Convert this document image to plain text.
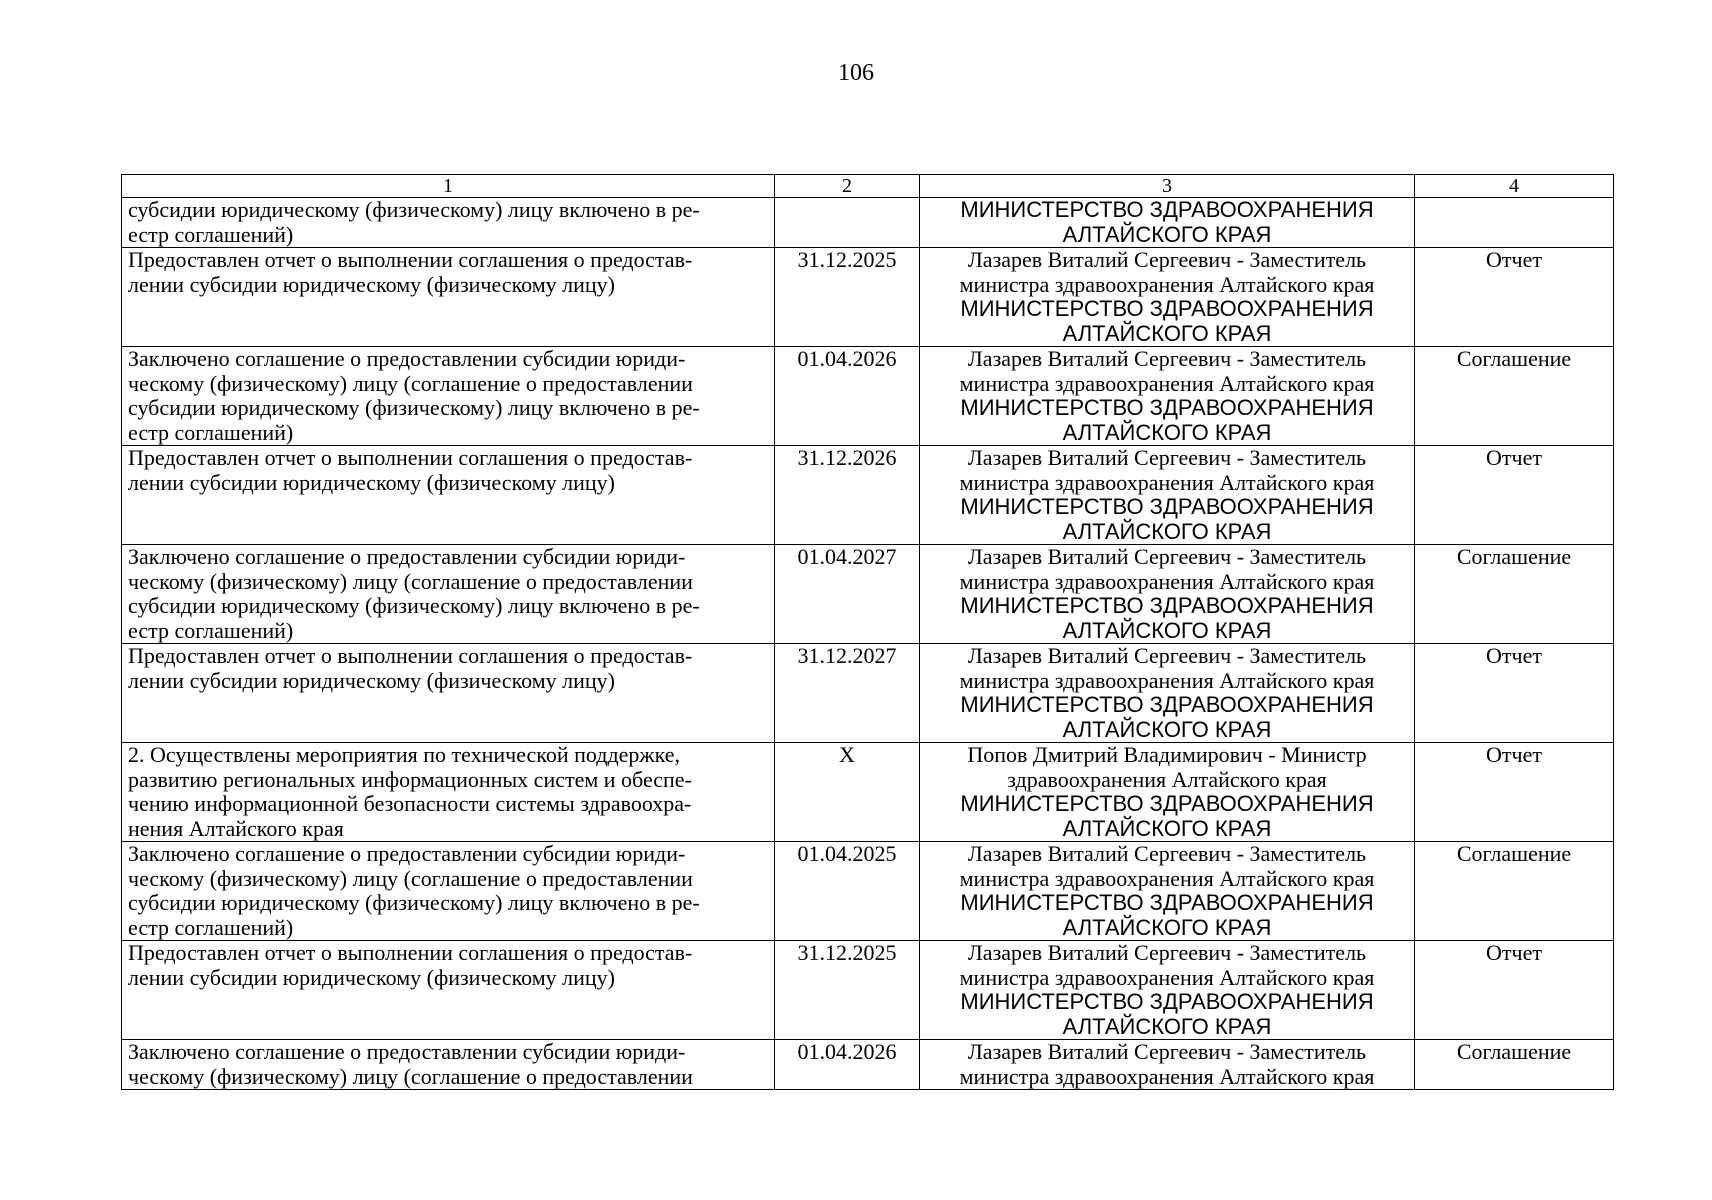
106
1	2	3	4

субсидии юридическому (физическому) лицу включено в ре-
естр соглашений)		МИНИСТЕРСТВО ЗДРАВООХРАНЕНИЯ АЛТАЙСКОГО КРАЯ	

Предоставлен отчет о выполнении соглашения о предостав-
лении субсидии юридическому (физическому лицу)	31.12.2025	Лазарев Виталий Сергеевич - Заместитель министра здравоохранения Алтайского края
МИНИСТЕРСТВО ЗДРАВООХРАНЕНИЯ АЛТАЙСКОГО КРАЯ	Отчет

Заключено соглашение о предоставлении субсидии юриди-
ческому (физическому) лицу (соглашение о предоставлении
субсидии юридическому (физическому) лицу включено в ре-
естр соглашений)	01.04.2026	Лазарев Виталий Сергеевич - Заместитель министра здравоохранения Алтайского края
МИНИСТЕРСТВО ЗДРАВООХРАНЕНИЯ АЛТАЙСКОГО КРАЯ	Соглашение

Предоставлен отчет о выполнении соглашения о предостав-
лении субсидии юридическому (физическому лицу)	31.12.2026	Лазарев Виталий Сергеевич - Заместитель министра здравоохранения Алтайского края
МИНИСТЕРСТВО ЗДРАВООХРАНЕНИЯ АЛТАЙСКОГО КРАЯ	Отчет

Заключено соглашение о предоставлении субсидии юриди-
ческому (физическому) лицу (соглашение о предоставлении
субсидии юридическому (физическому) лицу включено в ре-
естр соглашений)	01.04.2027	Лазарев Виталий Сергеевич - Заместитель министра здравоохранения Алтайского края
МИНИСТЕРСТВО ЗДРАВООХРАНЕНИЯ АЛТАЙСКОГО КРАЯ	Соглашение

Предоставлен отчет о выполнении соглашения о предостав-
лении субсидии юридическому (физическому лицу)	31.12.2027	Лазарев Виталий Сергеевич - Заместитель министра здравоохранения Алтайского края
МИНИСТЕРСТВО ЗДРАВООХРАНЕНИЯ АЛТАЙСКОГО КРАЯ	Отчет

2. Осуществлены мероприятия по технической поддержке,
развитию региональных информационных систем и обеспе-
чению информационной безопасности системы здравоохра-
нения Алтайского края	X	Попов Дмитрий Владимирович - Министр здравоохранения Алтайского края
МИНИСТЕРСТВО ЗДРАВООХРАНЕНИЯ АЛТАЙСКОГО КРАЯ	Отчет

Заключено соглашение о предоставлении субсидии юриди-
ческому (физическому) лицу (соглашение о предоставлении
субсидии юридическому (физическому) лицу включено в ре-
естр соглашений)	01.04.2025	Лазарев Виталий Сергеевич - Заместитель министра здравоохранения Алтайского края
МИНИСТЕРСТВО ЗДРАВООХРАНЕНИЯ АЛТАЙСКОГО КРАЯ	Соглашение

Предоставлен отчет о выполнении соглашения о предостав-
лении субсидии юридическому (физическому лицу)	31.12.2025	Лазарев Виталий Сергеевич - Заместитель министра здравоохранения Алтайского края
МИНИСТЕРСТВО ЗДРАВООХРАНЕНИЯ АЛТАЙСКОГО КРАЯ	Отчет

Заключено соглашение о предоставлении субсидии юриди-
ческому (физическому) лицу (соглашение о предоставлении	01.04.2026	Лазарев Виталий Сергеевич - Заместитель министра здравоохранения Алтайского края	Соглашение
